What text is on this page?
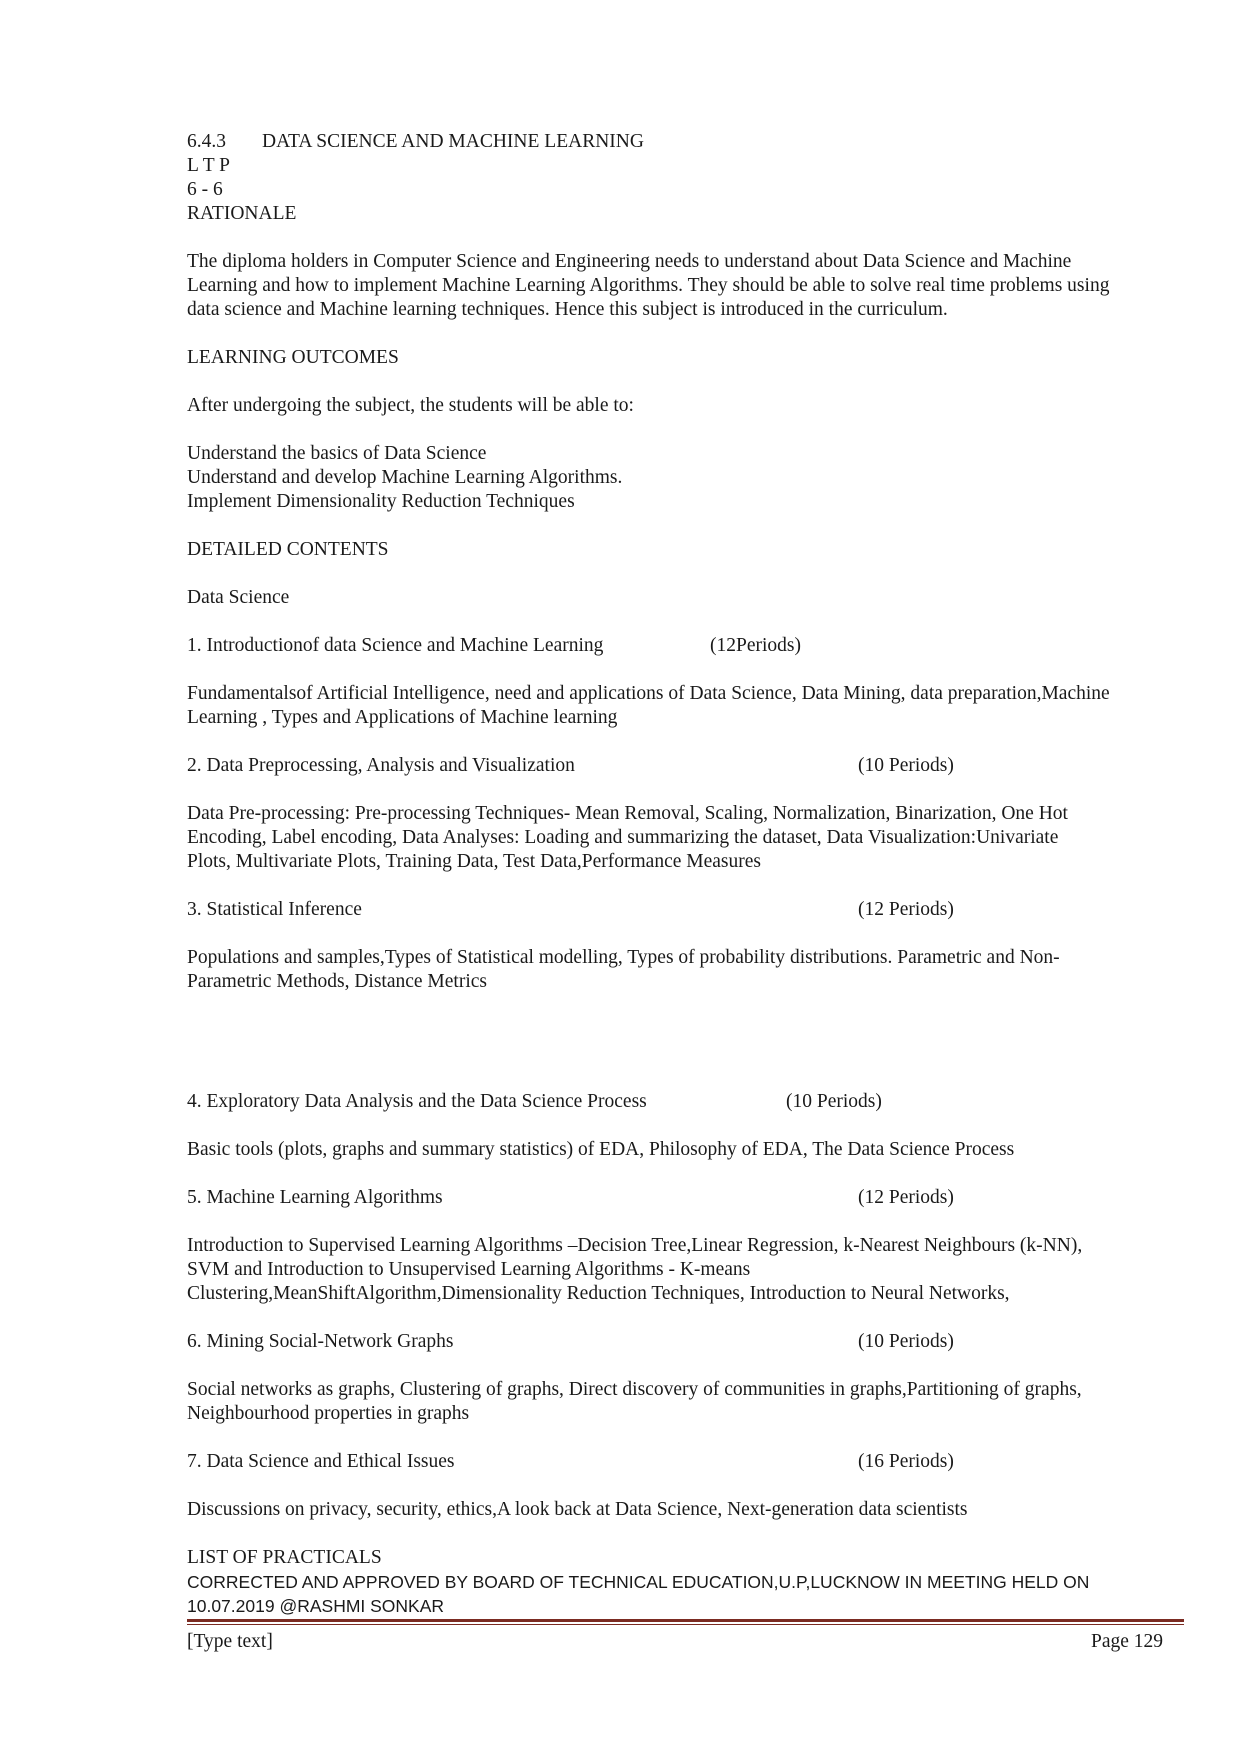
6.4.3 DATA SCIENCE AND MACHINE LEARNING
L T P
6 - 6
RATIONALE
The diploma holders in Computer Science and Engineering needs to understand about Data Science and Machine
Learning and how to implement Machine Learning Algorithms. They should be able to solve real time problems using
data science and Machine learning techniques. Hence this subject is introduced in the curriculum.
LEARNING OUTCOMES
After undergoing the subject, the students will be able to:
Understand the basics of Data Science
Understand and develop Machine Learning Algorithms.
Implement Dimensionality Reduction Techniques
DETAILED CONTENTS
Data Science
1. Introductionof data Science and Machine Learning	(12Periods)
Fundamentalsof Artificial Intelligence, need and applications of Data Science, Data Mining, data preparation,Machine
Learning , Types and Applications of Machine learning
2. Data Preprocessing, Analysis and Visualization	(10 Periods)
Data Pre-processing: Pre-processing Techniques- Mean Removal, Scaling, Normalization, Binarization, One Hot
Encoding, Label encoding, Data Analyses: Loading and summarizing the dataset, Data Visualization:Univariate
Plots, Multivariate Plots, Training Data, Test Data,Performance Measures
3. Statistical Inference	(12 Periods)
Populations and samples,Types of Statistical modelling, Types of probability distributions. Parametric and Non-
Parametric Methods, Distance Metrics
4. Exploratory Data Analysis and the Data Science Process	(10 Periods)
Basic tools (plots, graphs and summary statistics) of EDA, Philosophy of EDA, The Data Science Process
5. Machine Learning Algorithms	(12 Periods)
Introduction to Supervised Learning Algorithms –Decision Tree,Linear Regression, k-Nearest Neighbours (k-NN),
SVM and Introduction to Unsupervised Learning Algorithms - K-means
Clustering,MeanShiftAlgorithm,Dimensionality Reduction Techniques, Introduction to Neural Networks,
6. Mining Social-Network Graphs	(10 Periods)
Social networks as graphs, Clustering of graphs, Direct discovery of communities in graphs,Partitioning of graphs,
Neighbourhood properties in graphs
7. Data Science and Ethical Issues	(16 Periods)
Discussions on privacy, security, ethics,A look back at Data Science, Next-generation data scientists
LIST OF PRACTICALS
CORRECTED AND APPROVED BY BOARD OF TECHNICAL EDUCATION,U.P,LUCKNOW IN MEETING HELD ON
10.07.2019 @RASHMI SONKAR
[Type text]	Page 129
